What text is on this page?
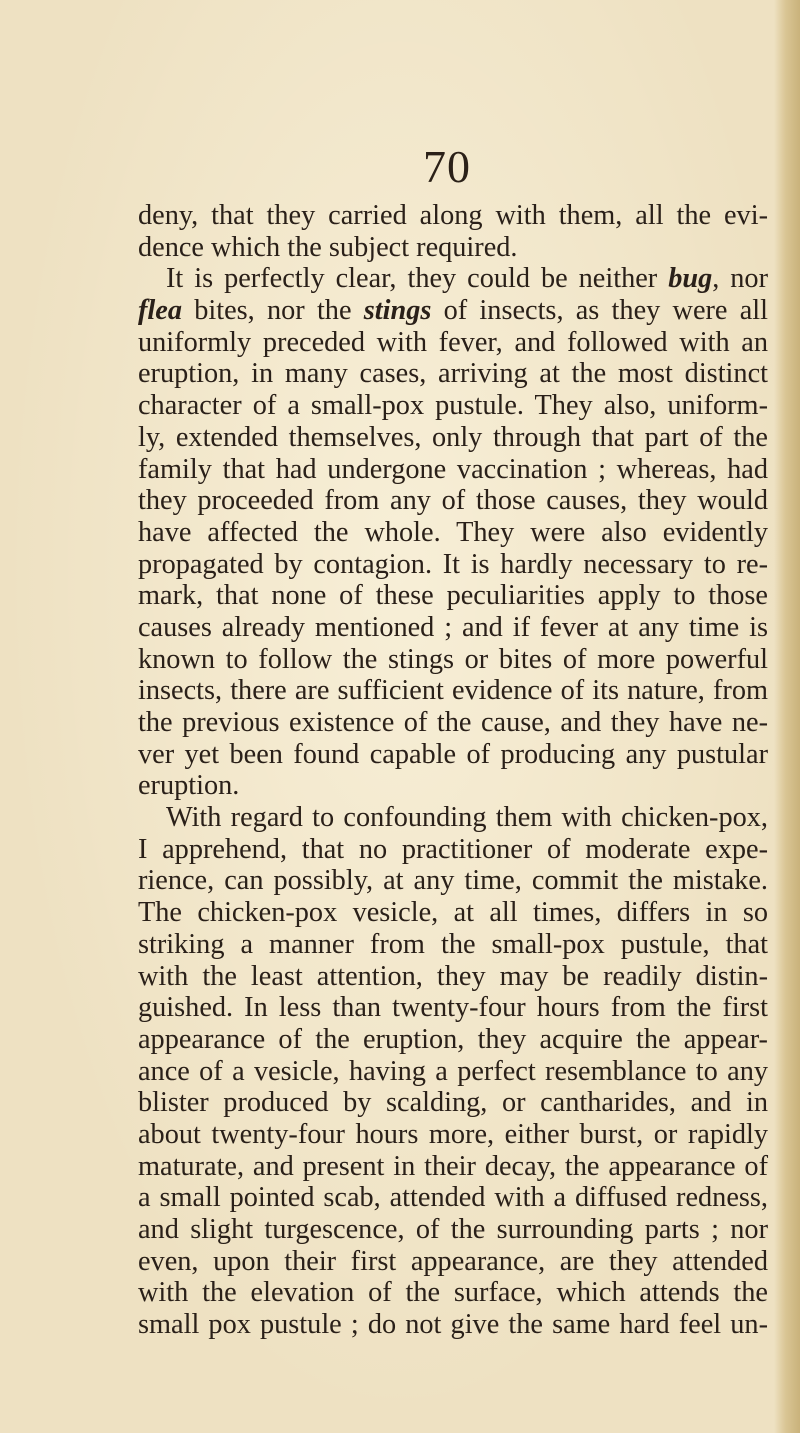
70
deny, that they carried along with them, all the evi-
dence which the subject required.
It is perfectly clear, they could be neither bug, nor
flea bites, nor the stings of insects, as they were all
uniformly preceded with fever, and followed with an
eruption, in many cases, arriving at the most distinct
character of a small-pox pustule. They also, uniform-
ly, extended themselves, only through that part of the
family that had undergone vaccination ; whereas, had
they proceeded from any of those causes, they would
have affected the whole. They were also evidently
propagated by contagion. It is hardly necessary to re-
mark, that none of these peculiarities apply to those
causes already mentioned ; and if fever at any time is
known to follow the stings or bites of more powerful
insects, there are sufficient evidence of its nature, from
the previous existence of the cause, and they have ne-
ver yet been found capable of producing any pustular
eruption.
With regard to confounding them with chicken-pox,
I apprehend, that no practitioner of moderate expe-
rience, can possibly, at any time, commit the mistake.
The chicken-pox vesicle, at all times, differs in so
striking a manner from the small-pox pustule, that
with the least attention, they may be readily distin-
guished. In less than twenty-four hours from the first
appearance of the eruption, they acquire the appear-
ance of a vesicle, having a perfect resemblance to any
blister produced by scalding, or cantharides, and in
about twenty-four hours more, either burst, or rapidly
maturate, and present in their decay, the appearance of
a small pointed scab, attended with a diffused redness,
and slight turgescence, of the surrounding parts ; nor
even, upon their first appearance, are they attended
with the elevation of the surface, which attends the
small pox pustule ; do not give the same hard feel un-
